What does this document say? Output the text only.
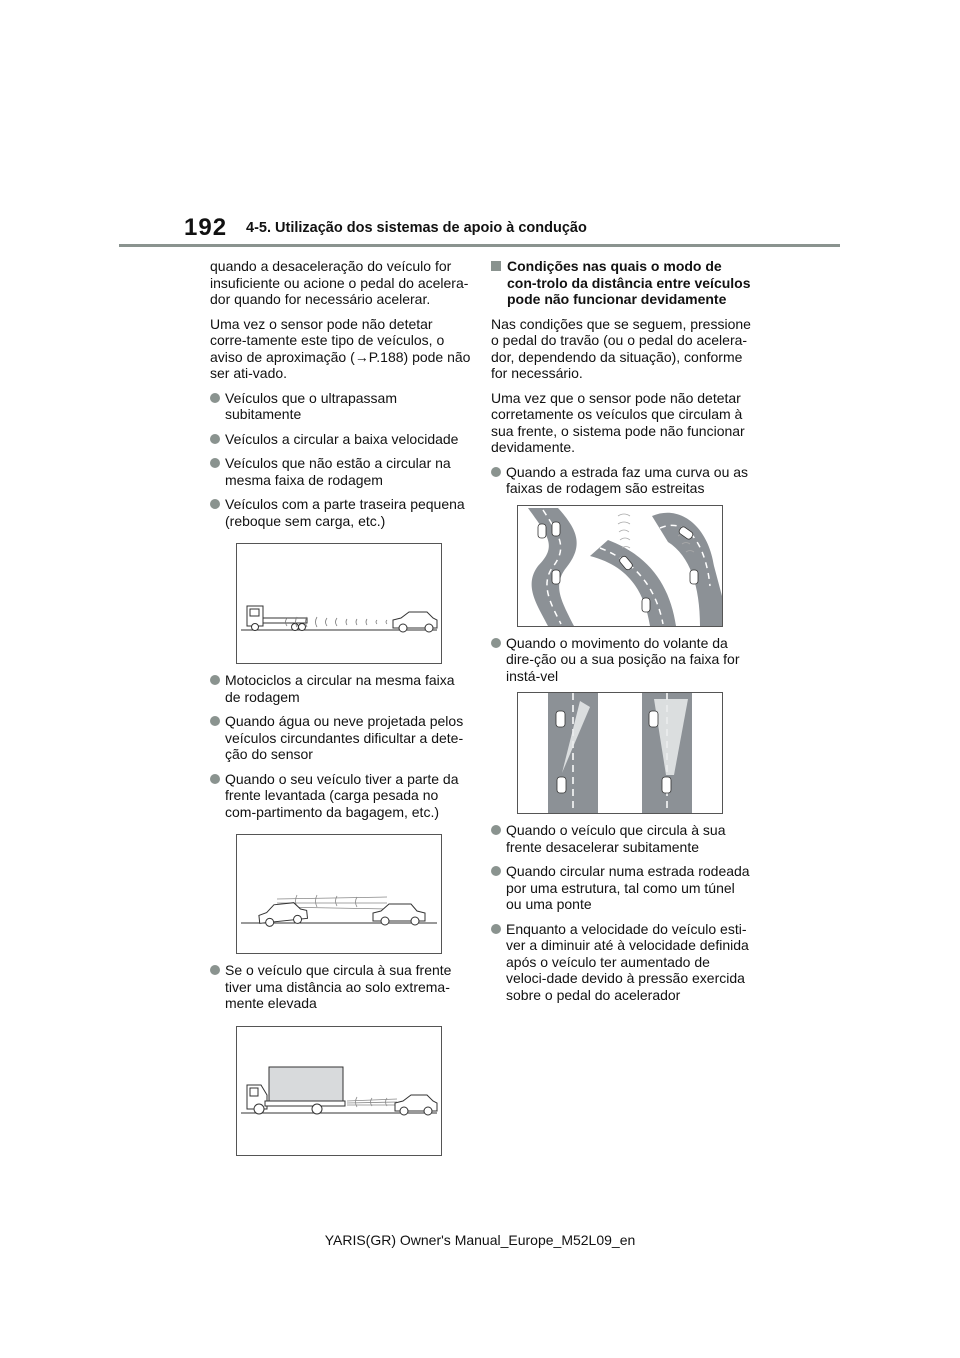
192 4-5. Utilização dos sistemas de apoio à condução

quando a desaceleração do veículo for insuficiente ou acione o pedal do acelera-dor quando for necessário acelerar.

Uma vez o sensor pode não detetar corre-tamente este tipo de veículos, o aviso de aproximação (→P.188) pode não ser ati-vado.

Veículos que o ultrapassam subitamente
Veículos a circular a baixa velocidade
Veículos que não estão a circular na mesma faixa de rodagem
Veículos com a parte traseira pequena (reboque sem carga, etc.)
Motociclos a circular na mesma faixa de rodagem
Quando água ou neve projetada pelos veículos circundantes dificultar a dete-ção do sensor
Quando o seu veículo tiver a parte da frente levantada (carga pesada no com-partimento da bagagem, etc.)
Se o veículo que circula à sua frente tiver uma distância ao solo extrema-mente elevada
Condições nas quais o modo de con-trolo da distância entre veículos pode não funcionar devidamente

Nas condições que se seguem, pressione o pedal do travão (ou o pedal do acelera-dor, dependendo da situação), conforme for necessário.

Uma vez que o sensor pode não detetar corretamente os veículos que circulam à sua frente, o sistema pode não funcionar devidamente.

Quando a estrada faz uma curva ou as faixas de rodagem são estreitas
Quando o movimento do volante da dire-ção ou a sua posição na faixa for instá-vel
Quando o veículo que circula à sua frente desacelerar subitamente
Quando circular numa estrada rodeada por uma estrutura, tal como um túnel ou uma ponte
Enquanto a velocidade do veículo esti-ver a diminuir até à velocidade definida após o veículo ter aumentado de veloci-dade devido à pressão exercida sobre o pedal do acelerador
YARIS(GR) Owner's Manual_Europe_M52L09_en
